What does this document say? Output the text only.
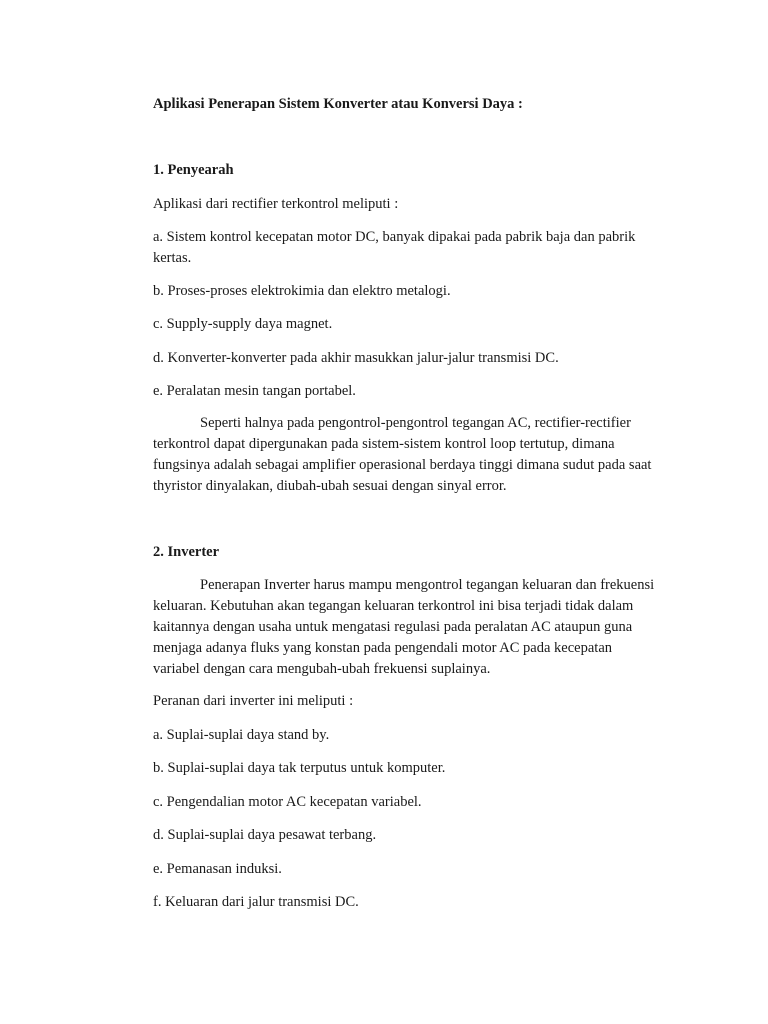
Aplikasi Penerapan Sistem Konverter atau Konversi Daya :
1. Penyearah
Aplikasi dari rectifier terkontrol meliputi :
a. Sistem kontrol kecepatan motor DC, banyak dipakai pada pabrik baja dan pabrik
kertas.
b. Proses-proses elektrokimia dan elektro metalogi.
c. Supply-supply daya magnet.
d. Konverter-konverter pada akhir masukkan jalur-jalur transmisi DC.
e. Peralatan mesin tangan portabel.
Seperti halnya pada pengontrol-pengontrol tegangan AC, rectifier-rectifier
terkontrol dapat dipergunakan pada sistem-sistem kontrol loop tertutup, dimana
fungsinya adalah sebagai amplifier operasional berdaya tinggi dimana sudut pada saat
thyristor dinyalakan, diubah-ubah sesuai dengan sinyal error.
2. Inverter
Penerapan Inverter harus mampu mengontrol tegangan keluaran dan frekuensi
keluaran. Kebutuhan akan tegangan keluaran terkontrol ini bisa terjadi tidak dalam
kaitannya dengan usaha untuk mengatasi regulasi pada peralatan AC ataupun guna
menjaga adanya fluks yang konstan pada pengendali motor AC pada kecepatan
variabel dengan cara mengubah-ubah frekuensi suplainya.
Peranan dari inverter ini meliputi :
a. Suplai-suplai daya stand by.
b. Suplai-suplai daya tak terputus untuk komputer.
c. Pengendalian motor AC kecepatan variabel.
d. Suplai-suplai daya pesawat terbang.
e. Pemanasan induksi.
f. Keluaran dari jalur transmisi DC.
